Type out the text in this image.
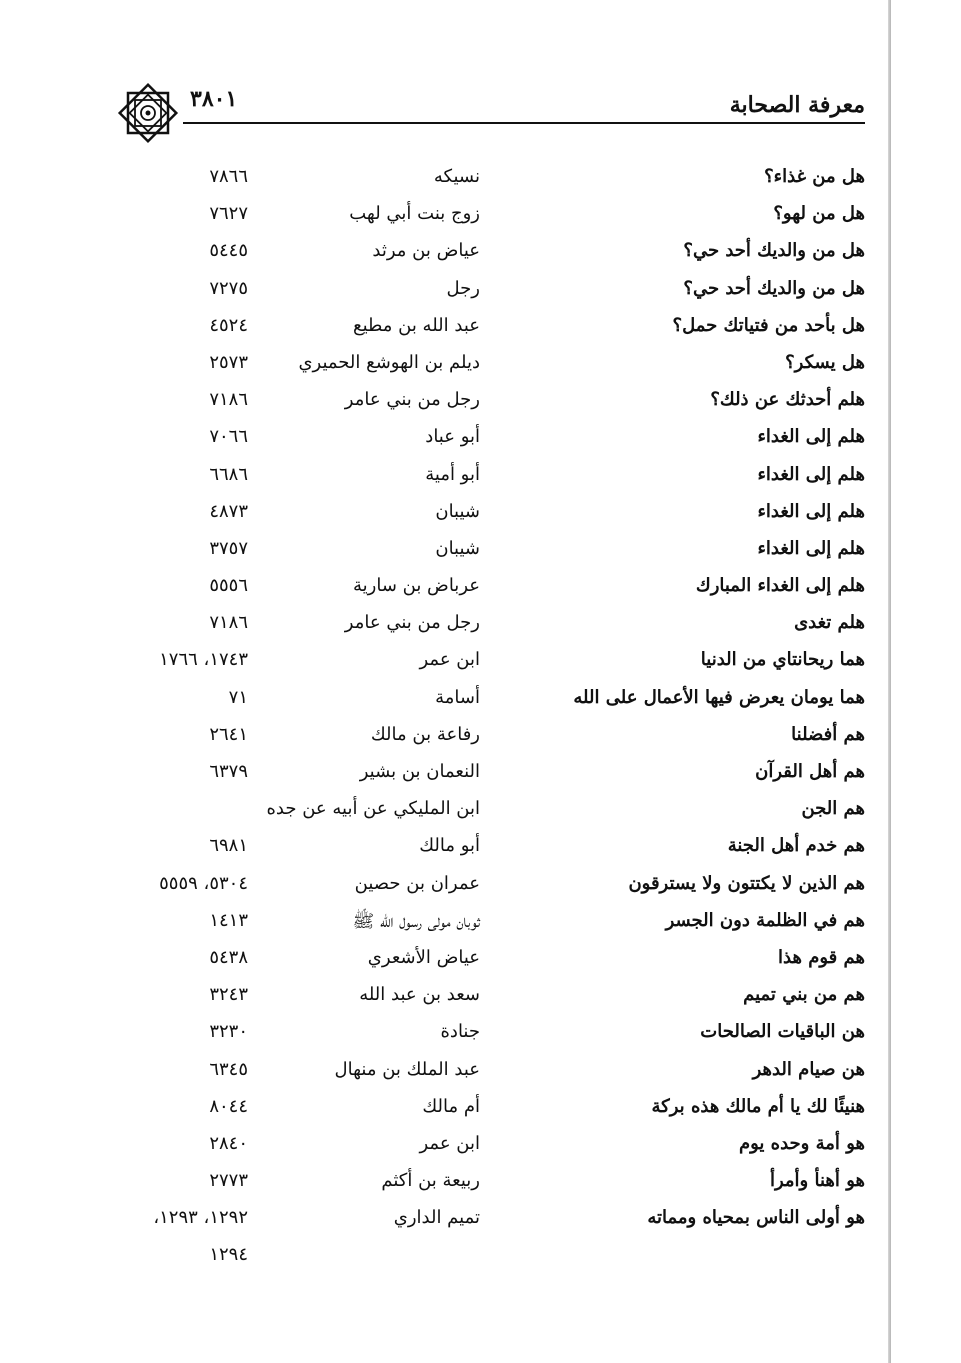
٣٨٠١	معرفة الصحابة
هل من غذاء؟
نسيكه
٧٨٦٦
هل من لهو؟
زوج بنت أبي لهب
٧٦٢٧
هل من والديك أحد حي؟
عياض بن مرثد
٥٤٤٥
هل من والديك أحد حي؟
رجل
٧٢٧٥
هل بأحد من فتياتك حمل؟
عبد الله بن مطيع
٤٥٢٤
هل يسكر؟
ديلم بن الهوشع الحميري
٢٥٧٣
هلم أحدثك عن ذلك؟
رجل من بني عامر
٧١٨٦
هلم إلى الغداء
أبو عباد
٧٠٦٦
هلم إلى الغداء
أبو أمية
٦٦٨٦
هلم إلى الغداء
شيبان
٤٨٧٣
هلم إلى الغداء
شيبان
٣٧٥٧
هلم إلى الغداء المبارك
عرباض بن سارية
٥٥٥٦
هلم تغدى
رجل من بني عامر
٧١٨٦
هما ريحانتاي من الدنيا
ابن عمر
١٧٤٣، ١٧٦٦
هما يومان يعرض فيها الأعمال على الله
أسامة
٧١
هم أفضلنا
رفاعة بن مالك
٢٦٤١
هم أهل القرآن
النعمان بن بشير
٦٣٧٩
هم الجن
ابن المليكي عن أبيه عن جده
هم خدم أهل الجنة
أبو مالك
٦٩٨١
هم الذين لا يكتتون ولا يسترقون
عمران بن حصين
٥٣٠٤، ٥٥٥٩
هم في الظلمة دون الجسر
ثوبان مولى رسول الله ﷺ
١٤١٣
هم قوم هذا
عياض الأشعري
٥٤٣٨
هم من بني تميم
سعد بن عبد الله
٣٢٤٣
هن الباقيات الصالحات
جنادة
٣٢٣٠
هن صيام الدهر
عبد الملك بن منهال
٦٣٤٥
هنيئًا لك يا أم مالك هذه بركة
أم مالك
٨٠٤٤
هو أمة وحده يوم
ابن عمر
٢٨٤٠
هو أهنأ وأمرأ
ربيعة بن أكثم
٢٧٧٣
هو أولى الناس بمحياه ومماته
تميم الداري
١٢٩٢، ١٢٩٣،
١٢٩٤
